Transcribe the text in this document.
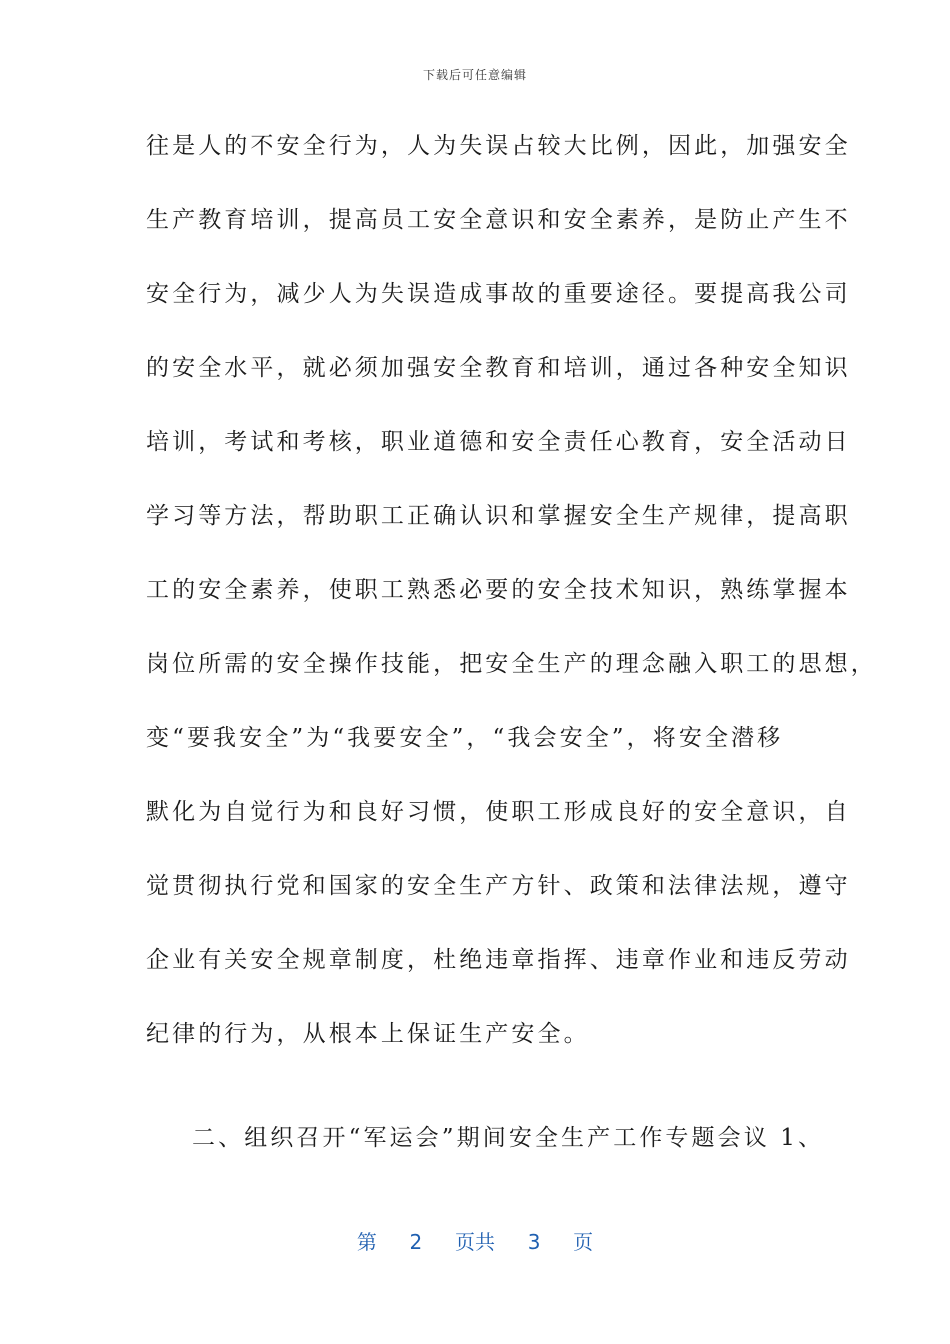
下载后可任意编辑
往是人的不安全行为，人为失误占较大比例，因此，加强安全
生产教育培训，提高员工安全意识和安全素养，是防止产生不
安全行为，减少人为失误造成事故的重要途径。要提高我公司
的安全水平，就必须加强安全教育和培训，通过各种安全知识
培训，考试和考核，职业道德和安全责任心教育，安全活动日
学习等方法，帮助职工正确认识和掌握安全生产规律，提高职
工的安全素养，使职工熟悉必要的安全技术知识，熟练掌握本
岗位所需的安全操作技能，把安全生产的理念融入职工的思想，
变“要我安全”为“我要安全”，“我会安全”，将安全潜移
默化为自觉行为和良好习惯，使职工形成良好的安全意识，自
觉贯彻执行党和国家的安全生产方针、政策和法律法规，遵守
企业有关安全规章制度，杜绝违章指挥、违章作业和违反劳动
纪律的行为，从根本上保证生产安全。
二、组织召开“军运会”期间安全生产工作专题会议 1、
第 2 页共 3 页
